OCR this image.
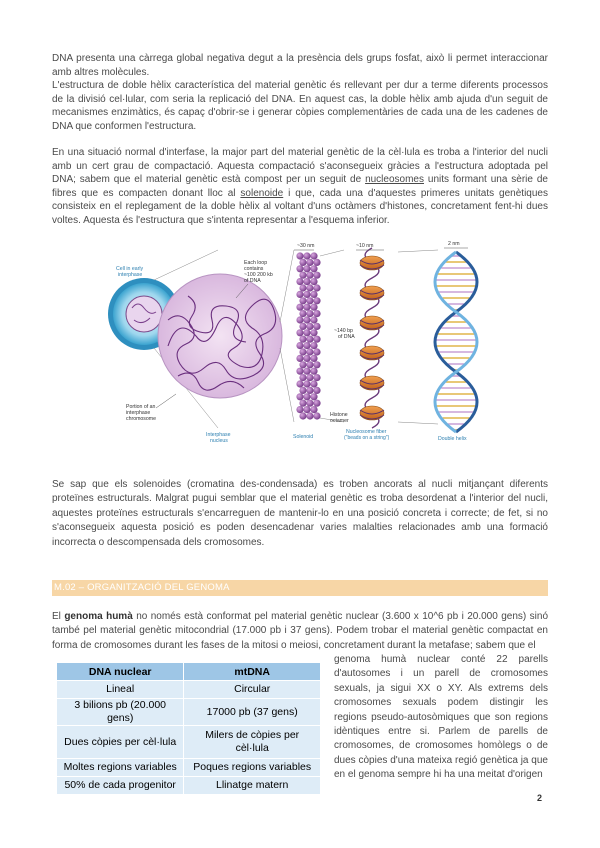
DNA presenta una càrrega global negativa degut a la presència dels grups fosfat, això li permet interaccionar amb altres molècules.

L'estructura de doble hèlix característica del material genètic és rellevant per dur a terme diferents processos de la divisió cel·lular, com seria la replicació del DNA. En aquest cas, la doble hèlix amb ajuda d'un seguit de mecanismes enzimàtics, és capaç d'obrir-se i generar còpies complementàries de cada una de les cadenes de DNA que conformen l'estructura.

En una situació normal d'interfase, la major part del material genètic de la cèl·lula es troba a l'interior del nucli amb un cert grau de compactació. Aquesta compactació s'aconsegueix gràcies a l'estructura adoptada pel DNA; sabem que el material genètic està compost per un seguit de nucleosomes units formant una sèrie de fibres que es compacten donant lloc al solenoide i que, cada una d'aquestes primeres unitats genètiques consisteix en el replegament de la doble hèlix al voltant d'uns octàmers d'histones, concretament fent-hi dues voltes. Aquesta és l'estructura que s'intenta representar a l'esquema inferior.

Cell in early
interphase
Each loop
contains
~100 200 kb
of DNA
Portion of an
interphase
chromosome
Interphase
nucleus
~30 nm
Solenoid
~10 nm
~140 bp
of DNA
Histone
octamer
Nucleosome fiber
("beads on a string")
2 nm
Double helix

Se sap que els solenoides (cromatina des-condensada) es troben ancorats al nucli mitjançant diferents proteïnes estructurals. Malgrat pugui semblar que el material genètic es troba desordenat a l'interior del nucli, aquestes proteïnes estructurals s'encarreguen de mantenir-lo en una posició concreta i correcte; de fet, si no s'aconsegueix aquesta posició es poden desencadenar varies malalties relacionades amb una formació incorrecta o descompensada dels cromosomes.

M.02 – ORGANITZACIÓ DEL GENOMA

El genoma humà no només està conformat pel material genètic nuclear (3.600 x 10^6 pb i 20.000 gens) sinó també pel material genètic mitocondrial (17.000 pb i 37 gens). Podem trobar el material genètic compactat en forma de cromosomes durant les fases de la mitosi o meiosi, concretament durant la metafase; sabem que el

genoma humà nuclear conté 22 parells d'autosomes i un parell de cromosomes sexuals, ja sigui XX o XY. Als extrems dels cromosomes sexuals podem distingir les regions pseudo-autosòmiques que son regions idèntiques entre si. Parlem de parells de cromosomes, de cromosomes homòlegs o de dues còpies d'una mateixa regió genètica ja que en el genoma sempre hi ha una meitat d'origen

DNA nuclear	mtDNA
Lineal	Circular
3 bilions pb (20.000 gens)	17000 pb (37 gens)
Dues còpies per cèl·lula	Milers de còpies per cèl·lula
Moltes regions variables	Poques regions variables
50% de cada progenitor	Llinatge matern
2
